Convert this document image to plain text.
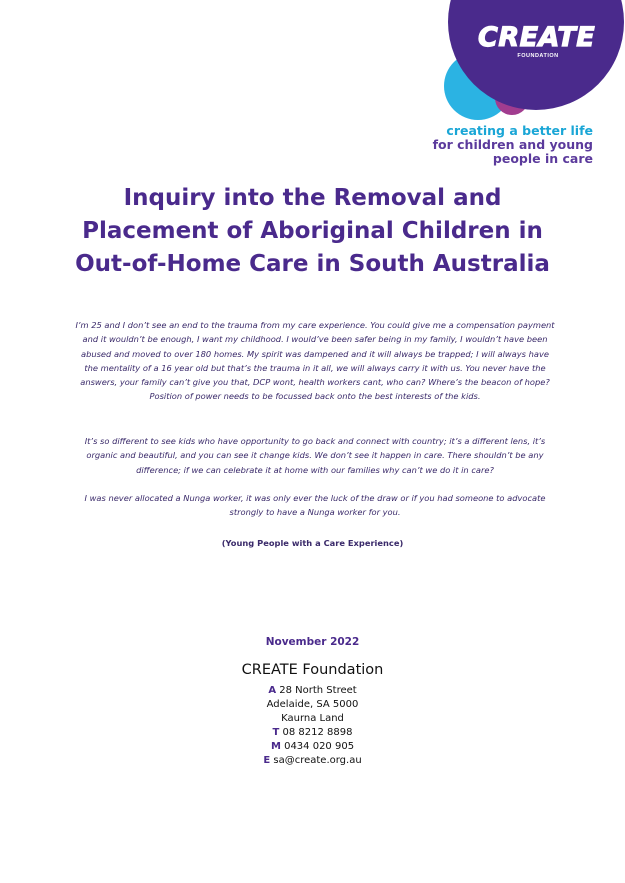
CREATE
FOUNDATION
creating a better life
for children and young
people in care
Inquiry into the Removal and
Placement of Aboriginal Children in
Out-of-Home Care in South Australia

I’m 25 and I don’t see an end to the trauma from my care experience. You could give me a compensation payment and it wouldn’t be enough, I want my childhood. I would’ve been safer being in my family, I wouldn’t have been abused and moved to over 180 homes. My spirit was dampened and it will always be trapped; I will always have the mentality of a 16 year old but that’s the trauma in it all, we will always carry it with us. You never have the answers, your family can’t give you that, DCP wont, health workers cant, who can? Where’s the beacon of hope? Position of power needs to be focussed back onto the best interests of the kids.

It’s so different to see kids who have opportunity to go back and connect with country; it’s a different lens, it’s organic and beautiful, and you can see it change kids. We don’t see it happen in care. There shouldn’t be any difference; if we can celebrate it at home with our families why can’t we do it in care?

I was never allocated a Nunga worker, it was only ever the luck of the draw or if you had someone to advocate strongly to have a Nunga worker for you.

(Young People with a Care Experience)
November 2022
CREATE Foundation
A 28 North Street
Adelaide, SA 5000
Kaurna Land
T 08 8212 8898
M 0434 020 905
E sa@create.org.au
